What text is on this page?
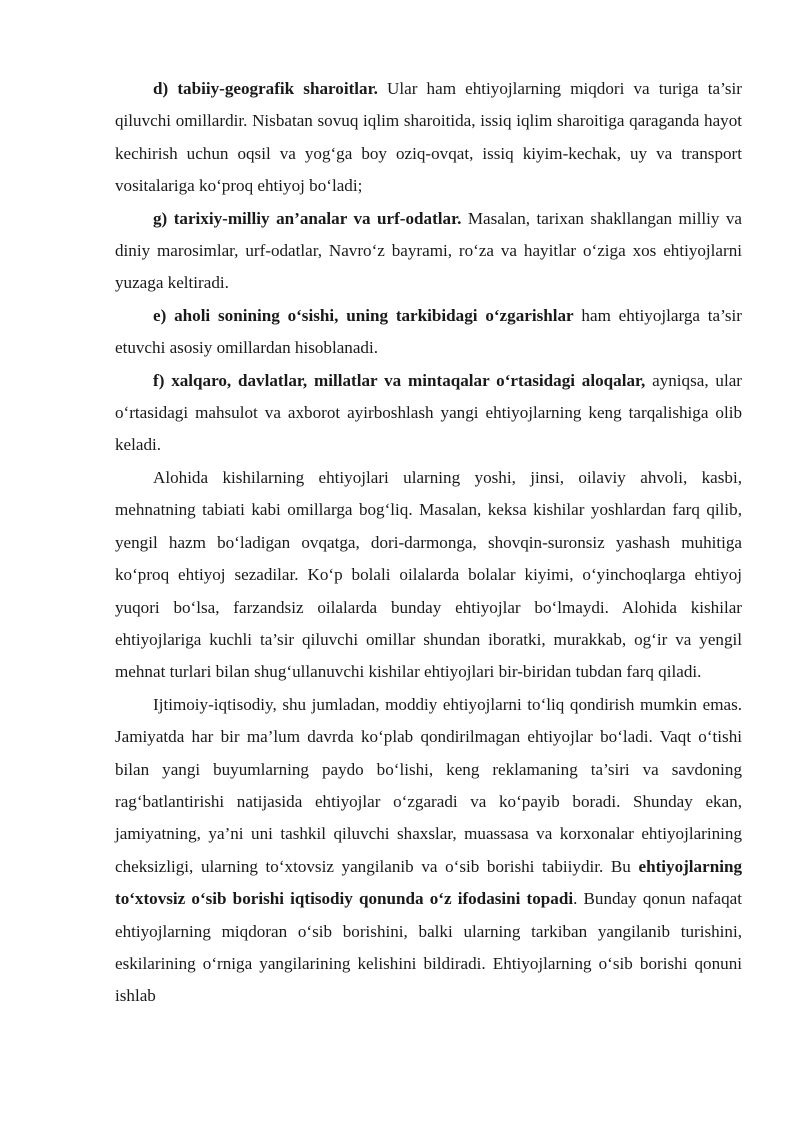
d) tabiiy-geografik sharoitlar. Ular ham ehtiyojlarning miqdori va turiga ta’sir qiluvchi omillardir. Nisbatan sovuq iqlim sharoitida, issiq iqlim sharoitiga qaraganda hayot kechirish uchun oqsil va yog‘ga boy oziq-ovqat, issiq kiyim-kechak, uy va transport vositalariga ko‘proq ehtiyoj bo‘ladi;

g) tarixiy-milliy an’analar va urf-odatlar. Masalan, tarixan shakllangan milliy va diniy marosimlar, urf-odatlar, Navro‘z bayrami, ro‘za va hayitlar o‘ziga xos ehtiyojlarni yuzaga keltiradi.

e) aholi sonining o‘sishi, uning tarkibidagi o‘zgarishlar ham ehtiyojlarga ta’sir etuvchi asosiy omillardan hisoblanadi.

f) xalqaro, davlatlar, millatlar va mintaqalar o‘rtasidagi aloqalar, ayniqsa, ular o‘rtasidagi mahsulot va axborot ayirboshlash yangi ehtiyojlarning keng tarqalishiga olib keladi.

Alohida kishilarning ehtiyojlari ularning yoshi, jinsi, oilaviy ahvoli, kasbi, mehnatning tabiati kabi omillarga bog‘liq. Masalan, keksa kishilar yoshlardan farq qilib, yengil hazm bo‘ladigan ovqatga, dori-darmonga, shovqin-suronsiz yashash muhitiga ko‘proq ehtiyoj sezadilar. Ko‘p bolali oilalarda bolalar kiyimi, o‘yinchoqlarga ehtiyoj yuqori bo‘lsa, farzandsiz oilalarda bunday ehtiyojlar bo‘lmaydi. Alohida kishilar ehtiyojlariga kuchli ta’sir qiluvchi omillar shundan iboratki, murakkab, og‘ir va yengil mehnat turlari bilan shug‘ullanuvchi kishilar ehtiyojlari bir-biridan tubdan farq qiladi.

Ijtimoiy-iqtisodiy, shu jumladan, moddiy ehtiyojlarni to‘liq qondirish mumkin emas. Jamiyatda har bir ma’lum davrda ko‘plab qondirilmagan ehtiyojlar bo‘ladi. Vaqt o‘tishi bilan yangi buyumlarning paydo bo‘lishi, keng reklamaning ta’siri va savdoning rag‘batlantirishi natijasida ehtiyojlar o‘zgaradi va ko‘payib boradi. Shunday ekan, jamiyatning, ya’ni uni tashkil qiluvchi shaxslar, muassasa va korxonalar ehtiyojlarining cheksizligi, ularning to‘xtovsiz yangilanib va o‘sib borishi tabiiydir. Bu ehtiyojlarning to‘xtovsiz o‘sib borishi iqtisodiy qonunda o‘z ifodasini topadi. Bunday qonun nafaqat ehtiyojlarning miqdoran o‘sib borishini, balki ularning tarkiban yangilanib turishini, eskilarining o‘rniga yangilarining kelishini bildiradi. Ehtiyojlarning o‘sib borishi qonuni ishlab
